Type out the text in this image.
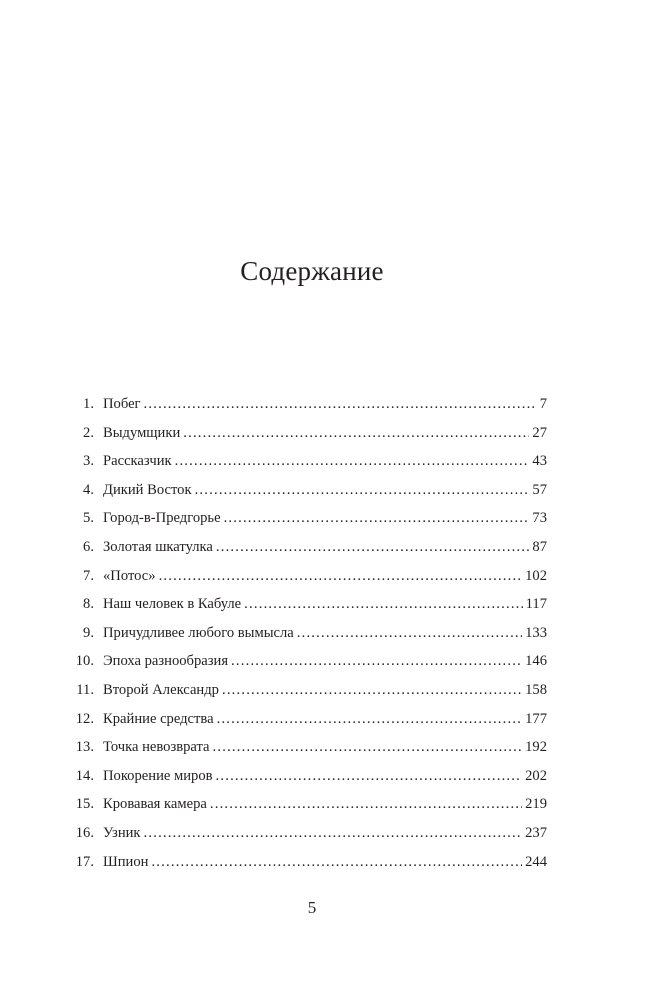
Содержание
1. Побег .....	7
2. Выдумщики .....	27
3. Рассказчик .....	43
4. Дикий Восток .....	57
5. Город-в-Предгорье .....	73
6. Золотая шкатулка .....	87
7. «Потос» .....	102
8. Наш человек в Кабуле .....	117
9. Причудливее любого вымысла .....	133
10. Эпоха разнообразия .....	146
11. Второй Александр .....	158
12. Крайние средства .....	177
13. Точка невозврата .....	192
14. Покорение миров .....	202
15. Кровавая камера .....	219
16. Узник .....	237
17. Шпион .....	244
5
